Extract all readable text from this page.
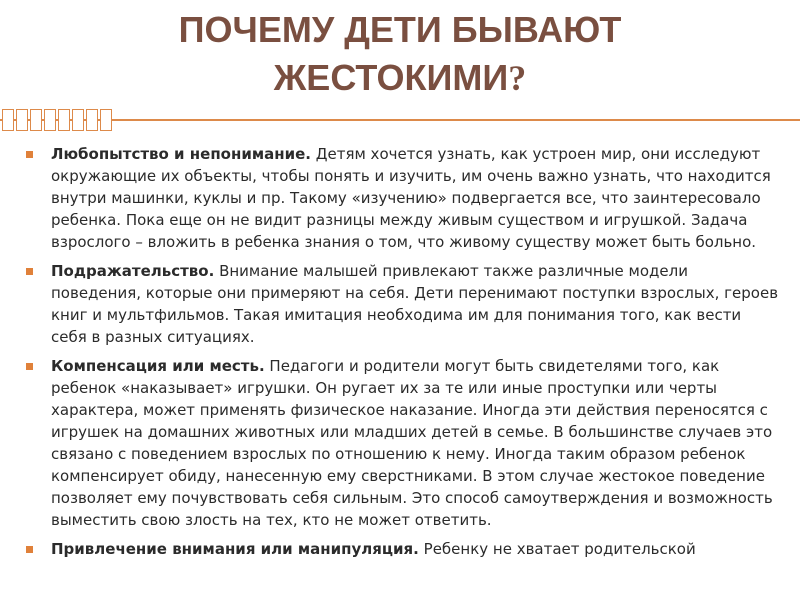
ПОЧЕМУ ДЕТИ БЫВАЮТ
ЖЕСТОКИМИ?
Любопытство и непонимание. Детям хочется узнать, как устроен мир, они исследуют окружающие их объекты, чтобы понять и изучить, им очень важно узнать, что находится внутри машинки, куклы и пр. Такому «изучению» подвергается все, что заинтересовало ребенка. Пока еще он не видит разницы между живым существом и игрушкой. Задача взрослого – вложить в ребенка знания о том, что живому существу может быть больно.
Подражательство. Внимание малышей привлекают также различные модели поведения, которые они примеряют на себя. Дети перенимают поступки взрослых, героев книг и мультфильмов. Такая имитация необходима им для понимания того, как вести себя в разных ситуациях.
Компенсация или месть. Педагоги и родители могут быть свидетелями того, как ребенок «наказывает» игрушки. Он ругает их за те или иные проступки или черты характера, может применять физическое наказание. Иногда эти действия переносятся с игрушек на домашних животных или младших детей в семье. В большинстве случаев это связано с поведением взрослых по отношению к нему. Иногда таким образом ребенок компенсирует обиду, нанесенную ему сверстниками. В этом случае жестокое поведение позволяет ему почувствовать себя сильным. Это способ самоутверждения и возможность выместить свою злость на тех, кто не может ответить.
Привлечение внимания или манипуляция. Ребенку не хватает родительской
